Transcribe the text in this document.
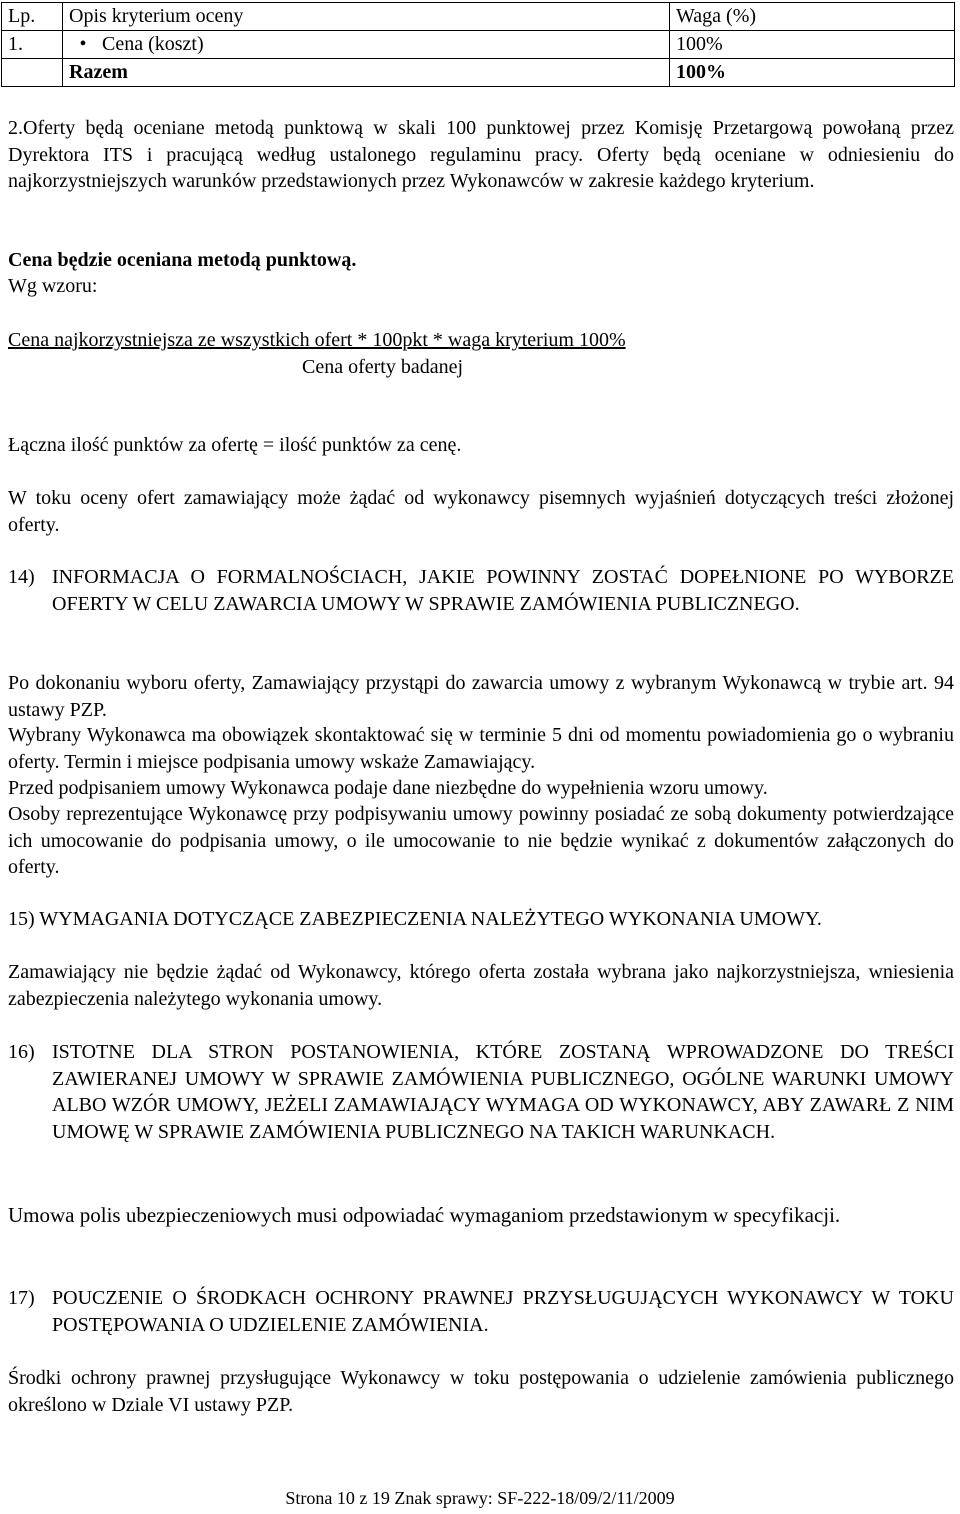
Lp.	Opis kryterium oceny	Waga (%)
1.	• Cena (koszt)	100%
	Razem	100%
2.Oferty będą oceniane metodą punktową w skali 100 punktowej przez Komisję Przetargową powołaną przez Dyrektora ITS i pracującą według ustalonego regulaminu pracy. Oferty będą oceniane w odniesieniu do najkorzystniejszych warunków przedstawionych przez Wykonawców w zakresie każdego kryterium.
Cena będzie oceniana metodą punktową.
Wg wzoru:
Cena najkorzystniejsza ze wszystkich ofert * 100pkt * waga kryterium 100%
Cena oferty badanej
Łączna ilość punktów za ofertę = ilość punktów za cenę.
W toku oceny ofert zamawiający może żądać od wykonawcy pisemnych wyjaśnień dotyczących treści złożonej oferty.
14) INFORMACJA O FORMALNOŚCIACH, JAKIE POWINNY ZOSTAĆ DOPEŁNIONE PO WYBORZE OFERTY W CELU ZAWARCIA UMOWY W SPRAWIE ZAMÓWIENIA PUBLICZNEGO.
Po dokonaniu wyboru oferty, Zamawiający przystąpi do zawarcia umowy z wybranym Wykonawcą w trybie art. 94 ustawy PZP.
Wybrany Wykonawca ma obowiązek skontaktować się w terminie 5 dni od momentu powiadomienia go o wybraniu oferty. Termin i miejsce podpisania umowy wskaże Zamawiający.
Przed podpisaniem umowy Wykonawca podaje dane niezbędne do wypełnienia wzoru umowy.
Osoby reprezentujące Wykonawcę przy podpisywaniu umowy powinny posiadać ze sobą dokumenty potwierdzające ich umocowanie do podpisania umowy, o ile umocowanie to nie będzie wynikać z dokumentów załączonych do oferty.
15) WYMAGANIA DOTYCZĄCE ZABEZPIECZENIA NALEŻYTEGO WYKONANIA UMOWY.
Zamawiający nie będzie żądać od Wykonawcy, którego oferta została wybrana jako najkorzystniejsza, wniesienia zabezpieczenia należytego wykonania umowy.
16) ISTOTNE DLA STRON POSTANOWIENIA, KTÓRE ZOSTANĄ WPROWADZONE DO TREŚCI ZAWIERANEJ UMOWY W SPRAWIE ZAMÓWIENIA PUBLICZNEGO, OGÓLNE WARUNKI UMOWY ALBO WZÓR UMOWY, JEŻELI ZAMAWIAJĄCY WYMAGA OD WYKONAWCY, ABY ZAWARŁ Z NIM UMOWĘ W SPRAWIE ZAMÓWIENIA PUBLICZNEGO NA TAKICH WARUNKACH.
Umowa polis ubezpieczeniowych musi odpowiadać wymaganiom przedstawionym w specyfikacji.
17) POUCZENIE O ŚRODKACH OCHRONY PRAWNEJ PRZYSŁUGUJĄCYCH WYKONAWCY W TOKU POSTĘPOWANIA O UDZIELENIE ZAMÓWIENIA.
Środki ochrony prawnej przysługujące Wykonawcy w toku postępowania o udzielenie zamówienia publicznego określono w Dziale VI ustawy PZP.
Strona 10 z 19 Znak sprawy: SF-222-18/09/2/11/2009
